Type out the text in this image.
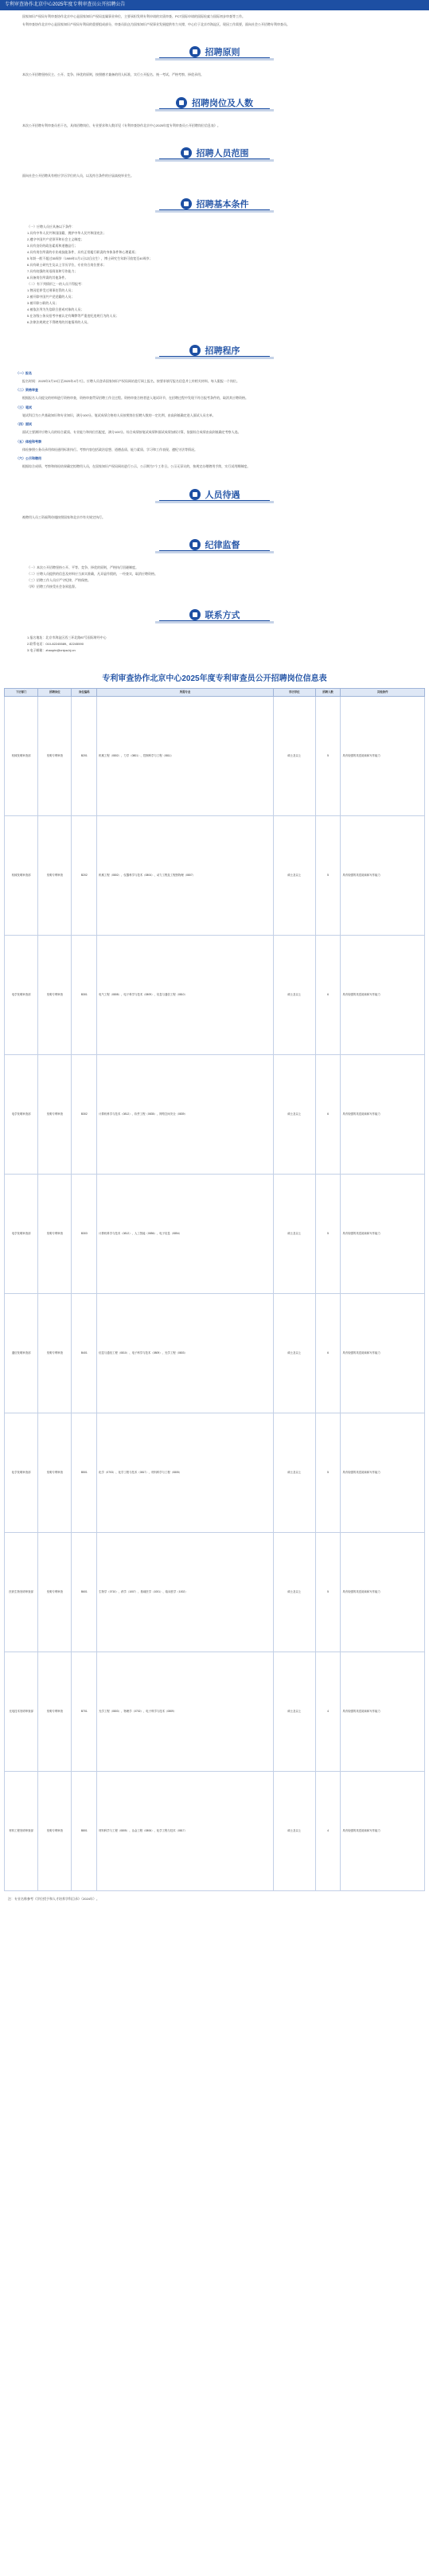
专利审查协作北京中心2025年度专利审查员公开招聘公告

国家知识产权局专利审查协作北京中心是国家知识产权局直属事业单位，主要承担发明专利申请的实质审查、PCT国际申请的国际检索与国际初步审查等工作。

专利审查协作北京中心是国家知识产权局专利局的重要组成部分，审查员队伍为国家知识产权事业发展提供有力支撑，中心位于北京市海淀区，现因工作需要，面向社会公开招聘专利审查员。

招聘原则

本次公开招聘坚持民主、公开、竞争、择优的原则，按照德才兼备的用人标准，实行公开报名、统一考试、严格考察、择优录用。

招聘岗位及人数

本次公开招聘专利审查员若干名，具体招聘岗位、专业要求和人数详见《专利审查协作北京中心2025年度专利审查员公开招聘岗位信息表》。

招聘人员范围

面向社会公开招聘具有相应学历学位的人员，以及符合条件的应届高校毕业生。

招聘基本条件

（一）应聘人员应具备以下条件：

1.具有中华人民共和国国籍，拥护中华人民共和国宪法；

2.遵守中国共产党领导和社会主义制度；

3.具有良好的政治素质和道德品行；

4.具有岗位所需的专业或技能条件，具有正常履行职责的身体条件和心理素质；

5.年龄一般不超过35周岁（1989年1月1日以后出生），博士研究生年龄可放宽至40周岁；

6.具有硕士研究生及以上学历学位，专业符合岗位要求；

7.具有较强的英语阅读和写作能力；

8.具备岗位所需的其他条件。

（二）有下列情形之一的人员不得报考：

1.曾因犯罪受过刑事处罚的人员；

2.被开除中国共产党党籍的人员；

3.被开除公职的人员；

4.被依法列为失信联合惩戒对象的人员；

5.在各级公务员招考中被认定有舞弊等严重违纪违规行为的人员；

6.法律法规规定不得聘用的其他情形的人员。

招聘程序

（一）报名

报名时间：2025年3月19日至2025年4月7日。应聘人员登录国家知识产权局网站进行网上报名，按要求填写报名信息并上传相关材料。每人限报一个岗位。

（二）资格审查

根据报名人员提交的材料进行资格审查，资格审查贯穿招聘工作全过程。资格审查合格者进入笔试环节，在招聘过程中发现不符合报考条件的，取消其应聘资格。

（三）笔试

笔试科目为公共基础知识和专业知识，满分100分。笔试成绩合格的人员按照岗位招聘人数的一定比例，由高到低确定进入面试人员名单。

（四）面试

面试主要测评应聘人员的综合素质、专业能力和岗位匹配度，满分100分。综合成绩按笔试成绩和面试成绩加权计算，依据综合成绩由高到低确定考察人选。

（五）体检和考察

体检参照公务员录用体检通用标准执行。考察内容包括政治思想、道德品质、能力素质、学习和工作表现、遵纪守法等情况。

（六）公示和聘用

根据综合成绩、考察和体检结果确定拟聘用人员，在国家知识产权局网站进行公示，公示期为7个工作日。公示无异议的，按规定办理聘用手续，实行试用期制度。

人员待遇

被聘用人员工资福利待遇按照国家和北京市有关规定执行。

纪律监督

（一）本次公开招聘坚持公开、平等、竞争、择优的原则，严格执行回避制度。

（二）应聘人员提供的信息及材料应当真实准确，凡弄虚作假的，一经查实，取消应聘资格。

（三）招聘工作人员应严守纪律，严格保密。

（四）招聘工作接受社会各界监督。

联系方式

1.报名地址：北京市海淀区西三环北路87号国际财经中心

2.联系电话：010-82245589、82245590

3.电子邮箱：zhaopin@cnipa-bj.cn

专利审查协作北京中心2025年度专利审查员公开招聘岗位信息表
下历部门	招聘岗位	岗位编码	所需专业	学历学位	招聘人数	其他条件
机械发明审查部	发明专利审查	B201	机械工程（0802）、力学（0801）、控制科学与工程（0811）	硕士及以上	5	具有较强的英语阅读和写作能力
机械发明审查部	发明专利审查	B202	机械工程（0802）、仪器科学与技术（0804）、动力工程及工程热物理（0807）	硕士及以上	5	具有较强的英语阅读和写作能力
电学发明审查部	发明专利审查	B301	电气工程（0808）、电子科学与技术（0809）、信息与通信工程（0810）	硕士及以上	6	具有较强的英语阅读和写作能力
电学发明审查部	发明专利审查	B302	计算机科学与技术（0812）、软件工程（0835）、网络空间安全（0839）	硕士及以上	6	具有较强的英语阅读和写作能力
电学发明审查部	发明专利审查	B303	计算机科学与技术（0812）、人工智能（0856）、电子信息（0854）	硕士及以上	5	具有较强的英语阅读和写作能力
通信发明审查部	发明专利审查	B401	信息与通信工程（0810）、电子科学与技术（0809）、光学工程（0803）	硕士及以上	6	具有较强的英语阅读和写作能力
化学发明审查部	发明专利审查	B501	化学（0703）、化学工程与技术（0817）、材料科学与工程（0805）	硕士及以上	5	具有较强的英语阅读和写作能力
医药生物发明审查部	发明专利审查	B601	生物学（0710）、药学（1007）、基础医学（1001）、临床医学（1002）	硕士及以上	5	具有较强的英语阅读和写作能力
光电技术发明审查部	发明专利审查	B701	光学工程（0803）、物理学（0702）、电子科学与技术（0809）	硕士及以上	4	具有较强的英语阅读和写作能力
材料工程发明审查部	发明专利审查	B801	材料科学与工程（0805）、冶金工程（0806）、化学工程与技术（0817）	硕士及以上	4	具有较强的英语阅读和写作能力

注：专业名称参考《学位授予和人才培养学科目录》（2024年）。
